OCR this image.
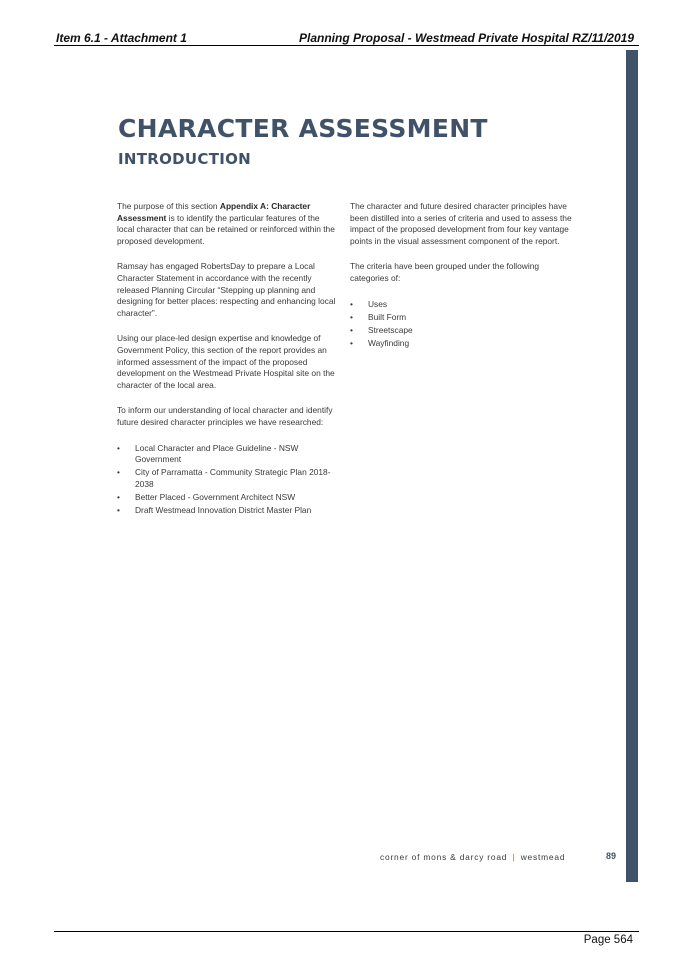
Item 6.1 - Attachment 1	Planning Proposal - Westmead Private Hospital RZ/11/2019
CHARACTER ASSESSMENT
INTRODUCTION

The purpose of this section Appendix A: Character Assessment is to identify the particular features of the local character that can be retained or reinforced within the proposed development.

Ramsay has engaged RobertsDay to prepare a Local Character Statement in accordance with the recently released Planning Circular “Stepping up planning and designing for better places: respecting and enhancing local character”.

Using our place-led design expertise and knowledge of Government Policy, this section of the report provides an informed assessment of the impact of the proposed development on the Westmead Private Hospital site on the character of the local area.

To inform our understanding of local character and identify future desired character principles we have researched:

• Local Character and Place Guideline - NSW Government
• City of Parramatta - Community Strategic Plan 2018-2038
• Better Placed - Government Architect NSW
• Draft Westmead Innovation District Master Plan

The character and future desired character principles have been distilled into a series of criteria and used to assess the impact of the proposed development from four key vantage points in the visual assessment component of the report.

The criteria have been grouped under the following categories of:

• Uses
• Built Form
• Streetscape
• Wayfinding
corner of mons & darcy road | westmead	89
Page 564
